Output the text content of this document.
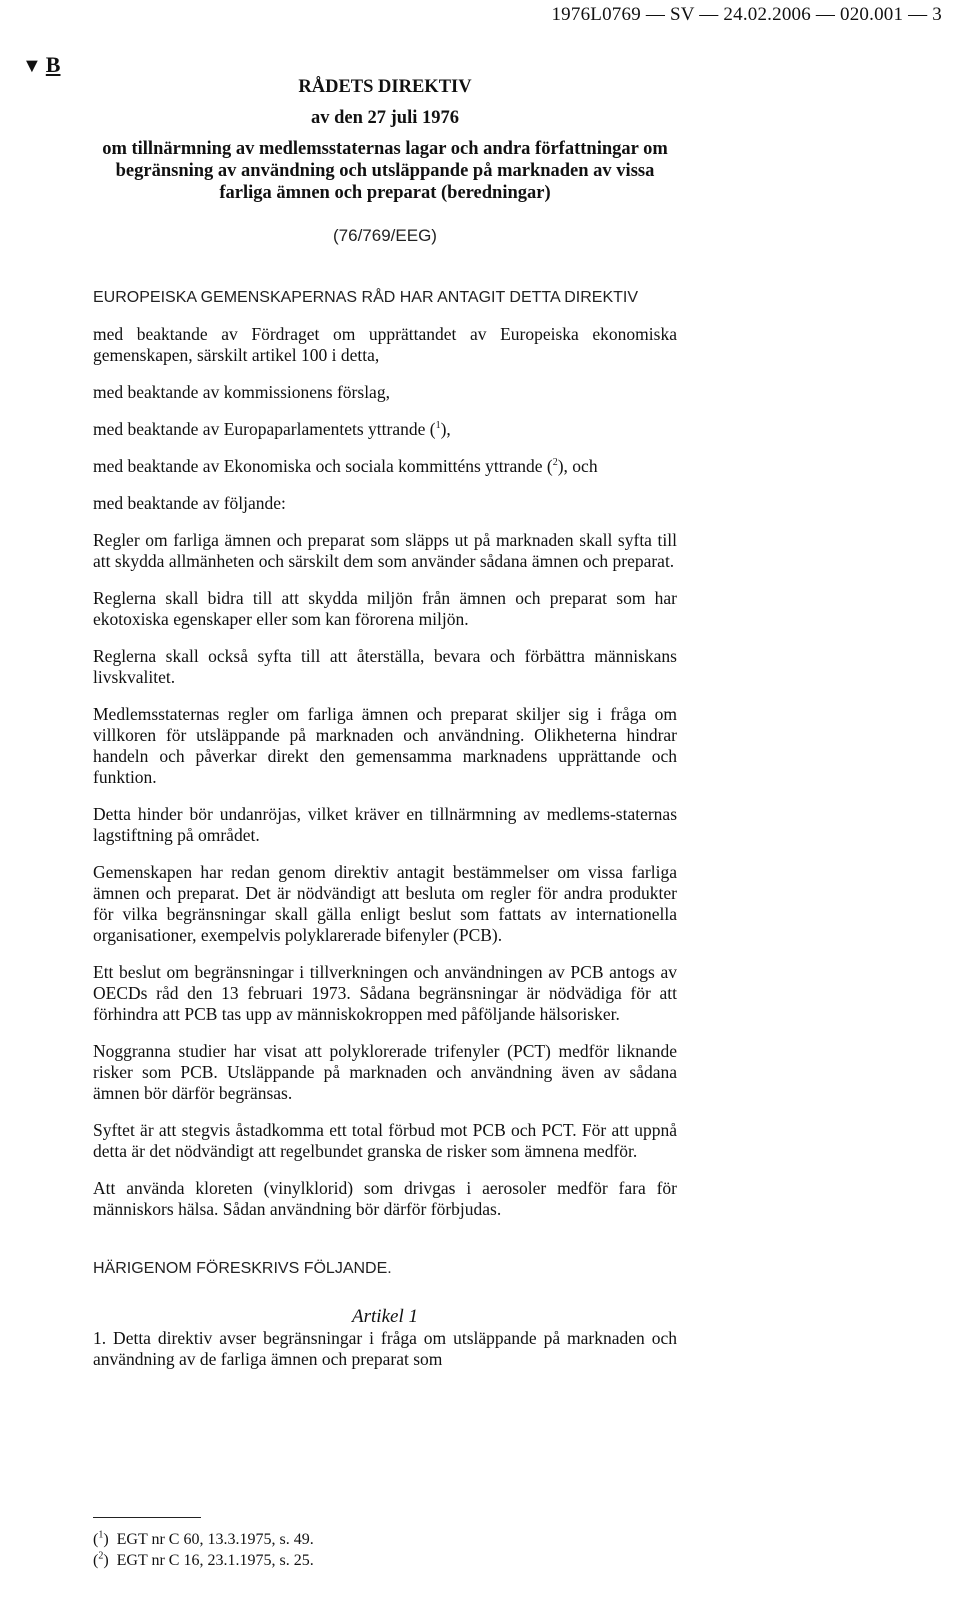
1976L0769 — SV — 24.02.2006 — 020.001 — 3
▼ B
RÅDETS DIREKTIV
av den 27 juli 1976
om tillnärmning av medlemsstaternas lagar och andra författningar om begränsning av användning och utsläppande på marknaden av vissa farliga ämnen och preparat (beredningar)
(76/769/EEG)
EUROPEISKA GEMENSKAPERNAS RÅD HAR ANTAGIT DETTA DIREKTIV

med beaktande av Fördraget om upprättandet av Europeiska ekonomiska gemenskapen, särskilt artikel 100 i detta,

med beaktande av kommissionens förslag,

med beaktande av Europaparlamentets yttrande ($^1$),

med beaktande av Ekonomiska och sociala kommitténs yttrande ($^2$), och

med beaktande av följande:

Regler om farliga ämnen och preparat som släpps ut på marknaden skall syfta till att skydda allmänheten och särskilt dem som använder sådana ämnen och preparat.

Reglerna skall bidra till att skydda miljön från ämnen och preparat som har ekotoxiska egenskaper eller som kan förorena miljön.

Reglerna skall också syfta till att återställa, bevara och förbättra människans livskvalitet.

Medlemsstaternas regler om farliga ämnen och preparat skiljer sig i fråga om villkoren för utsläppande på marknaden och användning. Olikheterna hindrar handeln och påverkar direkt den gemensamma marknadens upprättande och funktion.

Detta hinder bör undanröjas, vilket kräver en tillnärmning av medlems-staternas lagstiftning på området.

Gemenskapen har redan genom direktiv antagit bestämmelser om vissa farliga ämnen och preparat. Det är nödvändigt att besluta om regler för andra produkter för vilka begränsningar skall gälla enligt beslut som fattats av internationella organisationer, exempelvis polyklarerade bifenyler (PCB).

Ett beslut om begränsningar i tillverkningen och användningen av PCB antogs av OECDs råd den 13 februari 1973. Sådana begränsningar är nödvädiga för att förhindra att PCB tas upp av människokroppen med påföljande hälsorisker.

Noggranna studier har visat att polyklorerade trifenyler (PCT) medför liknande risker som PCB. Utsläppande på marknaden och användning även av sådana ämnen bör därför begränsas.

Syftet är att stegvis åstadkomma ett total förbud mot PCB och PCT. För att uppnå detta är det nödvändigt att regelbundet granska de risker som ämnena medför.

Att använda kloreten (vinylklorid) som drivgas i aerosoler medför fara för människors hälsa. Sådan användning bör därför förbjudas.

HÄRIGENOM FÖRESKRIVS FÖLJANDE.
Artikel 1

1. Detta direktiv avser begränsningar i fråga om utsläppande på marknaden och användning av de farliga ämnen och preparat som

($^1$)  EGT nr C 60, 13.3.1975, s. 49.
($^2$)  EGT nr C 16, 23.1.1975, s. 25.
